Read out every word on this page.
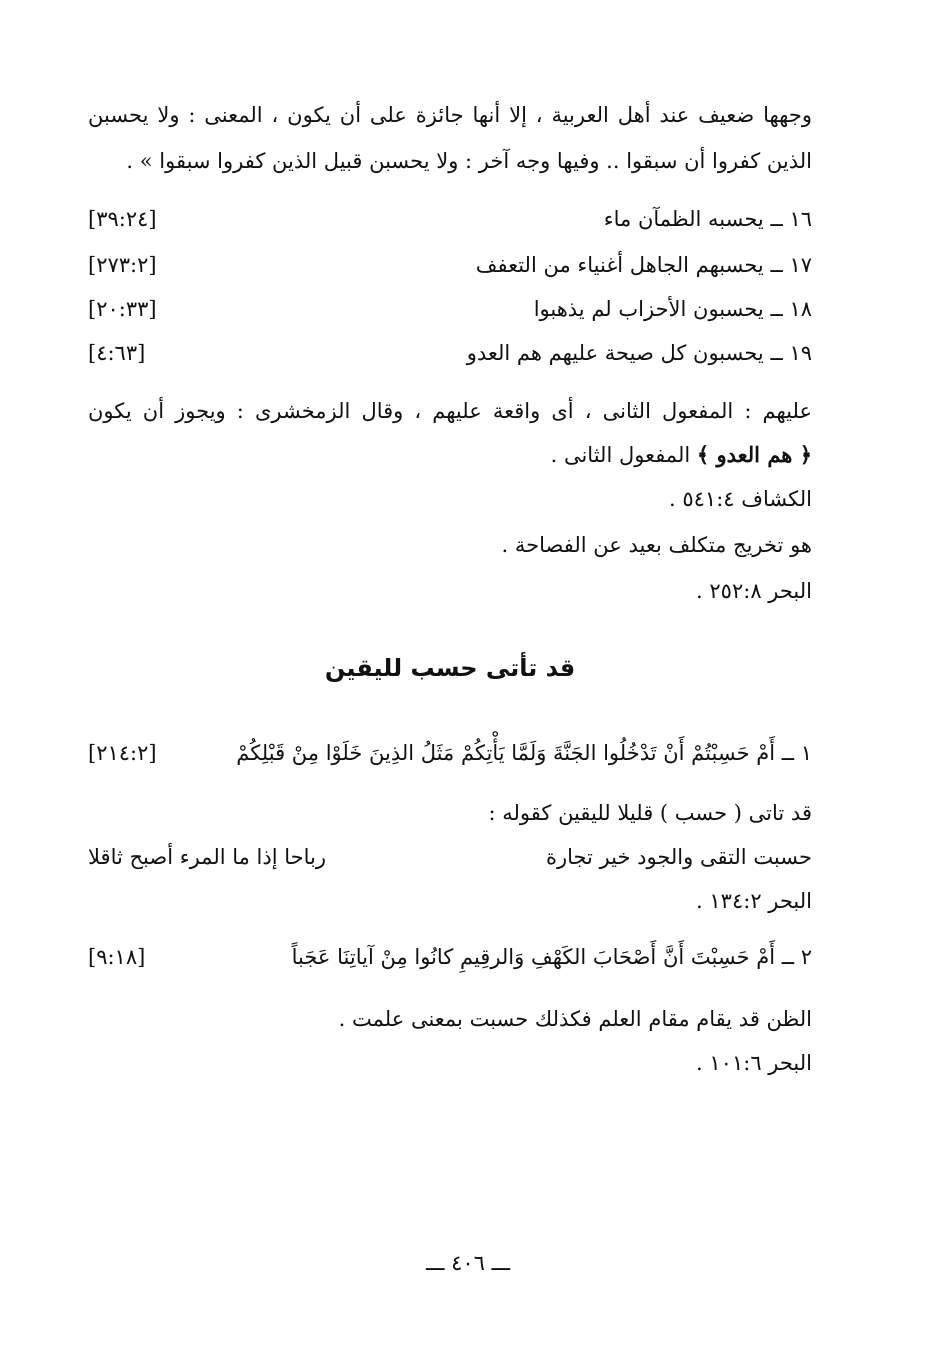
وجهها ضعيف عند أهل العربية ، إلا أنها جائزة على أن يكون ، المعنى : ولا يحسبن
الذين كفروا أن سبقوا .. وفيها وجه آخر : ولا يحسبن قبيل الذين كفروا سبقوا » .
١٦ ــ يحسبه الظمآن ماء
[٣٩:٢٤]
١٧ ــ يحسبهم الجاهل أغنياء من التعفف
[٢٧٣:٢]
١٨ ــ يحسبون الأحزاب لم يذهبوا
[٢٠:٣٣]
١٩ ــ يحسبون كل صيحة عليهم هم العدو
[٤:٦٣]
عليهم : المفعول الثانى ، أى واقعة عليهم ، وقال الزمخشرى : ويجوز أن يكون
﴿ هم العدو ﴾ المفعول الثانى .
الكشاف ٥٤١:٤ .
هو تخريج متكلف بعيد عن الفصاحة .
البحر ٢٥٢:٨ .
قد تأتى حسب لليقين
١ ــ أَمْ حَسِبْتُمْ أَنْ تَدْخُلُوا الجَنَّةَ وَلَمَّا يَأْتِكُمْ مَثَلُ الذِينَ خَلَوْا مِنْ قَبْلِكُمْ
[٢١٤:٢]
قد تاتى ( حسب ) قليلا لليقين كقوله :
حسبت التقى والجود خير تجارة
رباحا إذا ما المرء أصبح ثاقلا
البحر ١٣٤:٢ .
٢ ــ أَمْ حَسِبْتَ أَنَّ أَصْحَابَ الكَهْفِ وَالرقِيمِ كانُوا مِنْ آياتِنَا عَجَباً
[٩:١٨]
الظن قد يقام مقام العلم فكذلك حسبت بمعنى علمت .
البحر ١٠١:٦ .
ـــ ٤٠٦ ـــ
